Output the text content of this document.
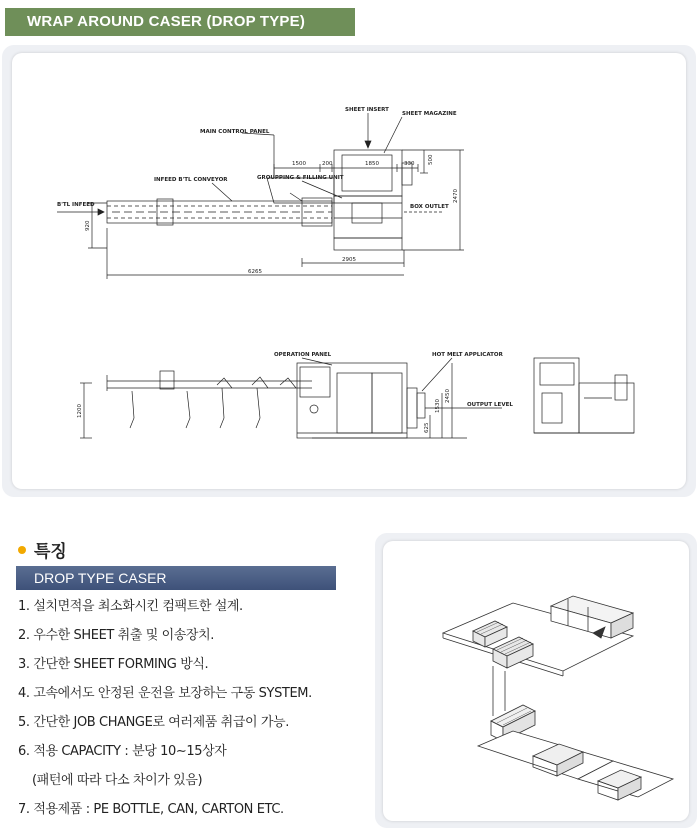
WRAP AROUND CASER (DROP TYPE)
SHEET INSERT
SHEET MAGAZINE
MAIN CONTROL PANEL
INFEED B'TL CONVEYOR	GROUPPING & FILLING UNIT
B'TL INFEED	BOX OUTLET
OPERATION PANEL	HOT MELT APPLICATOR
OUTPUT LEVEL
1500	200	1850	330 500
2470
920
2905
6265
1200	1530
2450
625
특징
DROP TYPE CASER
1. 설치면적을 최소화시킨 컴팩트한 설계.
2. 우수한 SHEET 취출 및 이송장치.
3. 간단한 SHEET FORMING 방식.
4. 고속에서도 안정된 운전을 보장하는 구동 SYSTEM.
5. 간단한 JOB CHANGE로 여러제품 취급이 가능.
6. 적용 CAPACITY : 분당 10∼15상자
(패턴에 따라 다소 차이가 있음)
7. 적용제품 : PE BOTTLE, CAN, CARTON ETC.
